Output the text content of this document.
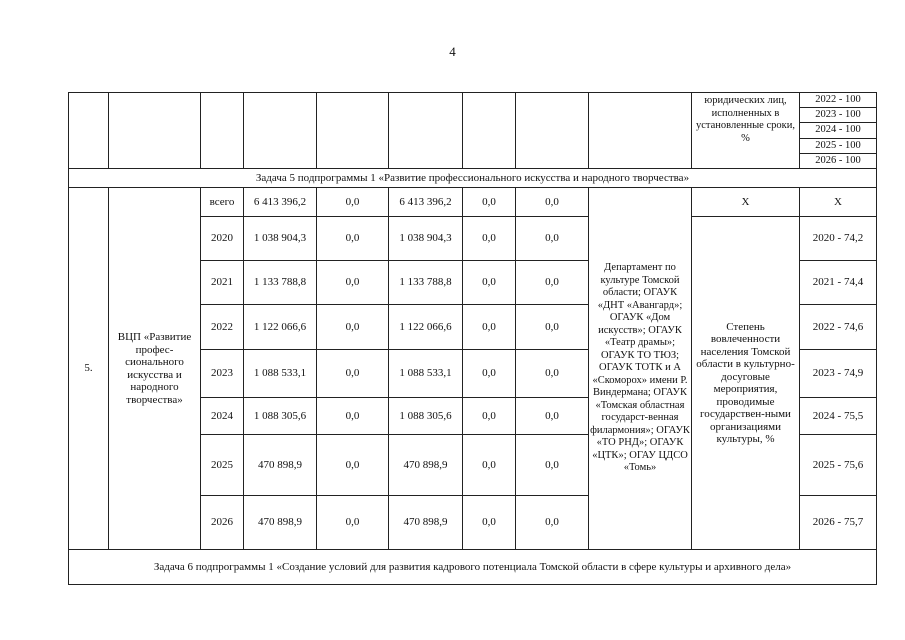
4
									юридических лиц, исполненных в установленные сроки, %	
2022 - 100
2023 - 100
2024 - 100
2025 - 100
2026 - 100

Задача 5 подпрограммы 1 «Развитие профессионального искусства и народного творчества»
5.	ВЦП «Развитие профес-сионального искусства и народного творчества»	всего	6 413 396,2	0,0	6 413 396,2	0,0	0,0	Департамент по культуре Томской области; ОГАУК «ДНТ «Авангард»; ОГАУК «Дом искусств»; ОГАУК «Театр драмы»; ОГАУК ТО ТЮЗ; ОГАУК ТОТК и А «Скоморох» имени Р. Виндермана; ОГАУК «Томская областная государст-венная филармония»; ОГАУК «ТО РНД»; ОГАУК «ЦТК»; ОГАУ ЦДСО «Томь»	Х	Х
2020	1 038 904,3	0,0	1 038 904,3	0,0	0,0	Степень вовлеченности населения Томской области в культурно-досуговые мероприятия, проводимые государствен-ными организациями культуры, %	2020 - 74,2
2021	1 133 788,8	0,0	1 133 788,8	0,0	0,0	2021 - 74,4
2022	1 122 066,6	0,0	1 122 066,6	0,0	0,0	2022 - 74,6
2023	1 088 533,1	0,0	1 088 533,1	0,0	0,0	2023 - 74,9
2024	1 088 305,6	0,0	1 088 305,6	0,0	0,0	2024 - 75,5
2025	470 898,9	0,0	470 898,9	0,0	0,0	2025 - 75,6
2026	470 898,9	0,0	470 898,9	0,0	0,0	2026 - 75,7
Задача 6 подпрограммы 1 «Создание условий для развития кадрового потенциала Томской области в сфере культуры и архивного дела»
